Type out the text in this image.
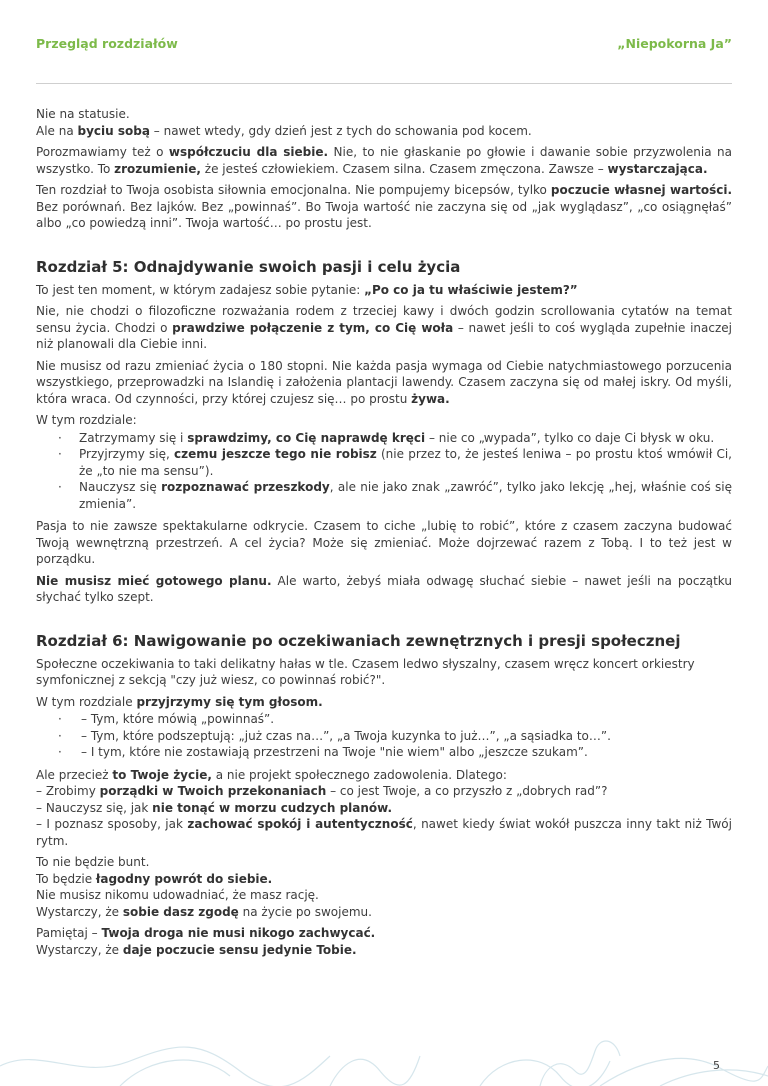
Przegląd rozdziałów	„Niepokorna Ja”

Nie na statusie.
Ale na byciu sobą – nawet wtedy, gdy dzień jest z tych do schowania pod kocem.

Porozmawiamy też o współczuciu dla siebie. Nie, to nie głaskanie po głowie i dawanie sobie przyzwolenia na wszystko. To zrozumienie, że jesteś człowiekiem. Czasem silna. Czasem zmęczona. Zawsze – wystarczająca.

Ten rozdział to Twoja osobista siłownia emocjonalna. Nie pompujemy bicepsów, tylko poczucie własnej wartości. Bez porównań. Bez lajków. Bez „powinnaś”. Bo Twoja wartość nie zaczyna się od „jak wyglądasz”, „co osiągnęłaś” albo „co powiedzą inni”. Twoja wartość… po prostu jest.

Rozdział 5: Odnajdywanie swoich pasji i celu życia

To jest ten moment, w którym zadajesz sobie pytanie: „Po co ja tu właściwie jestem?”

Nie, nie chodzi o filozoficzne rozważania rodem z trzeciej kawy i dwóch godzin scrollowania cytatów na temat sensu życia. Chodzi o prawdziwe połączenie z tym, co Cię woła – nawet jeśli to coś wygląda zupełnie inaczej niż planowali dla Ciebie inni.

Nie musisz od razu zmieniać życia o 180 stopni. Nie każda pasja wymaga od Ciebie natychmiastowego porzucenia wszystkiego, przeprowadzki na Islandię i założenia plantacji lawendy. Czasem zaczyna się od małej iskry. Od myśli, która wraca. Od czynności, przy której czujesz się… po prostu żywa.

W tym rozdziale:

· Zatrzymamy się i sprawdzimy, co Cię naprawdę kręci – nie co „wypada”, tylko co daje Ci błysk w oku.
· Przyjrzymy się, czemu jeszcze tego nie robisz (nie przez to, że jesteś leniwa – po prostu ktoś wmówił Ci, że „to nie ma sensu”).
· Nauczysz się rozpoznawać przeszkody, ale nie jako znak „zawróć”, tylko jako lekcję „hej, właśnie coś się zmienia”.

Pasja to nie zawsze spektakularne odkrycie. Czasem to ciche „lubię to robić”, które z czasem zaczyna budować Twoją wewnętrzną przestrzeń. A cel życia? Może się zmieniać. Może dojrzewać razem z Tobą. I to też jest w porządku.

Nie musisz mieć gotowego planu. Ale warto, żebyś miała odwagę słuchać siebie – nawet jeśli na początku słychać tylko szept.

Rozdział 6: Nawigowanie po oczekiwaniach zewnętrznych i presji społecznej

Społeczne oczekiwania to taki delikatny hałas w tle. Czasem ledwo słyszalny, czasem wręcz koncert orkiestry symfonicznej z sekcją "czy już wiesz, co powinnaś robić?".

W tym rozdziale przyjrzymy się tym głosom.

· – Tym, które mówią „powinnaś”.
· – Tym, które podszeptują: „już czas na…”, „a Twoja kuzynka to już…”, „a sąsiadka to…”.
· – I tym, które nie zostawiają przestrzeni na Twoje "nie wiem" albo „jeszcze szukam”.

Ale przecież to Twoje życie, a nie projekt społecznego zadowolenia. Dlatego:
– Zrobimy porządki w Twoich przekonaniach – co jest Twoje, a co przyszło z „dobrych rad”?
– Nauczysz się, jak nie tonąć w morzu cudzych planów.
– I poznasz sposoby, jak zachować spokój i autentyczność, nawet kiedy świat wokół puszcza inny takt niż Twój rytm.

To nie będzie bunt.
To będzie łagodny powrót do siebie.
Nie musisz nikomu udowadniać, że masz rację.
Wystarczy, że sobie dasz zgodę na życie po swojemu.

Pamiętaj – Twoja droga nie musi nikogo zachwycać.
Wystarczy, że daje poczucie sensu jedynie Tobie.

5
